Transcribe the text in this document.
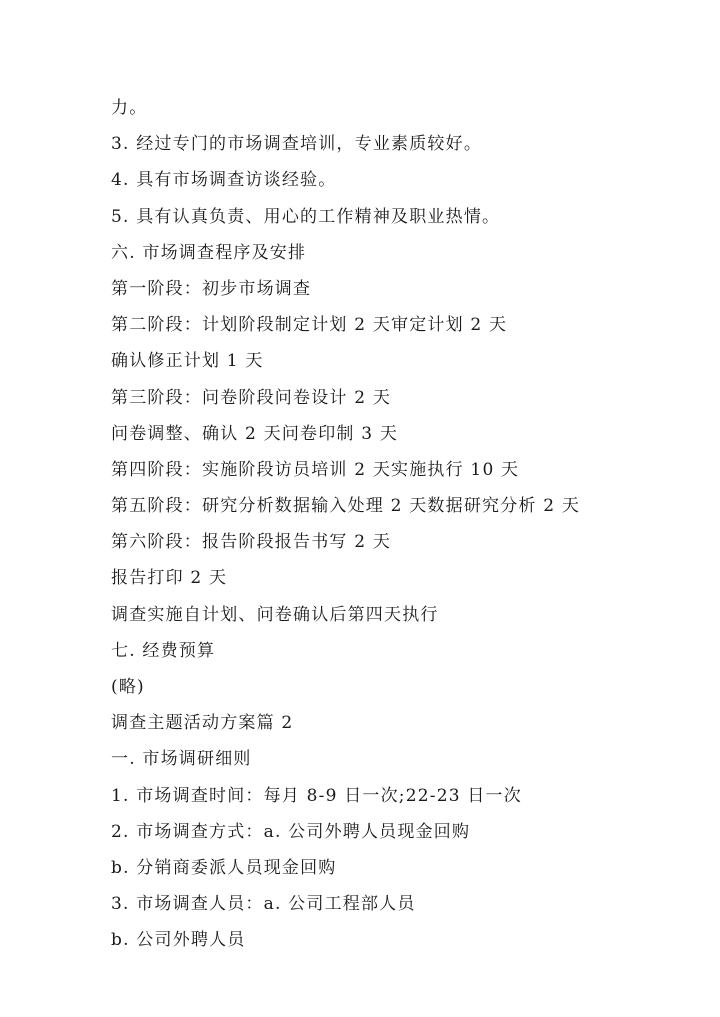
力。
3. 经过专门的市场调查培训，专业素质较好。
4. 具有市场调查访谈经验。
5. 具有认真负责、用心的工作精神及职业热情。
六. 市场调查程序及安排
第一阶段：初步市场调查
第二阶段：计划阶段制定计划 2 天审定计划 2 天
确认修正计划 1 天
第三阶段：问卷阶段问卷设计 2 天
问卷调整、确认 2 天问卷印制 3 天
第四阶段：实施阶段访员培训 2 天实施执行 10 天
第五阶段：研究分析数据输入处理 2 天数据研究分析 2 天
第六阶段：报告阶段报告书写 2 天
报告打印 2 天
调查实施自计划、问卷确认后第四天执行
七. 经费预算
(略)
调查主题活动方案篇 2
一. 市场调研细则
1. 市场调查时间：每月 8-9 日一次;22-23 日一次
2. 市场调查方式：a. 公司外聘人员现金回购
b. 分销商委派人员现金回购
3. 市场调查人员：a. 公司工程部人员
b. 公司外聘人员
